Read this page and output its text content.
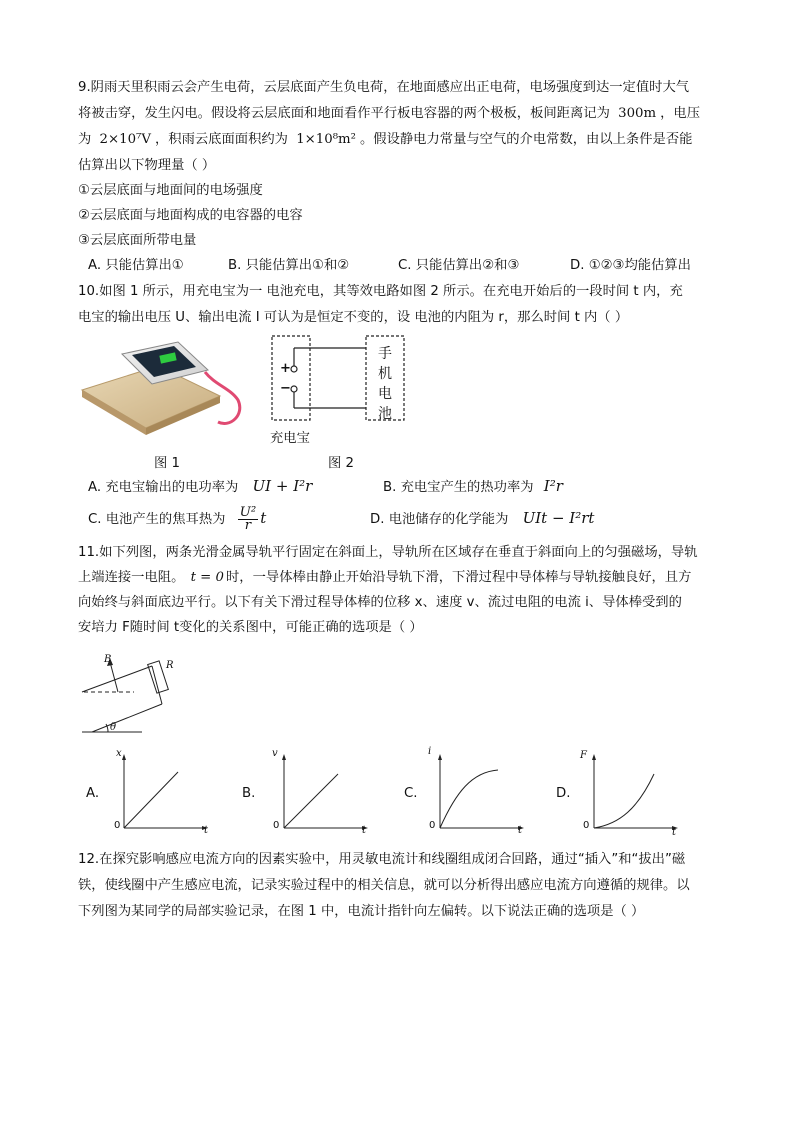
9.阴雨天里积雨云会产生电荷，云层底面产生负电荷，在地面感应出正电荷，电场强度到达一定值时大气
将被击穿，发生闪电。假设将云层底面和地面看作平行板电容器的两个极板，板间距离记为 300m ，电压
为 2×10⁷V ，积雨云底面面积约为 1×10⁸m² 。假设静电力常量与空气的介电常数，由以上条件是否能
估算出以下物理量（ ）
①云层底面与地面间的电场强度
②云层底面与地面构成的电容器的电容
③云层底面所带电量
A. 只能估算出①	B. 只能估算出①和②	C. 只能估算出②和③	D. ①②③均能估算出
10.如图 1 所示，用充电宝为一 电池充电，其等效电路如图 2 所示。在充电开始后的一段时间 t 内，充
电宝的输出电压 U、输出电流 I 可认为是恒定不变的，设 电池的内阻为 r，那么时间 t 内（ ）
图 1
+
−
手机电池
充电宝
图 2
A. 充电宝输出的电功率为 UI + I²r	B. 充电宝产生的热功率为 I²r
C. 电池产生的焦耳热为 $\frac{\text{U²}}{r}$ t	D. 电池储存的化学能为 UIt − I²rt
11.如下列图，两条光滑金属导轨平行固定在斜面上，导轨所在区域存在垂直于斜面向上的匀强磁场，导轨
上端连接一电阻。 t = 0 时，一导体棒由静止开始沿导轨下滑，下滑过程中导体棒与导轨接触良好，且方
向始终与斜面底边平行。以下有关下滑过程导体棒的位移 x、速度 v、流过电阻的电流 i、导体棒受到的
安培力 F随时间 t变化的关系图中，可能正确的选项是（ ）
B
R
θ
A.
x
t
0
B.
v
t
0
C.
i
t
0
D.
F
t
0
12.在探究影响感应电流方向的因素实验中，用灵敏电流计和线圈组成闭合回路，通过“插入”和“拔出”磁
铁，使线圈中产生感应电流，记录实验过程中的相关信息，就可以分析得出感应电流方向遵循的规律。以
下列图为某同学的局部实验记录，在图 1 中，电流计指针向左偏转。以下说法正确的选项是（ ）
